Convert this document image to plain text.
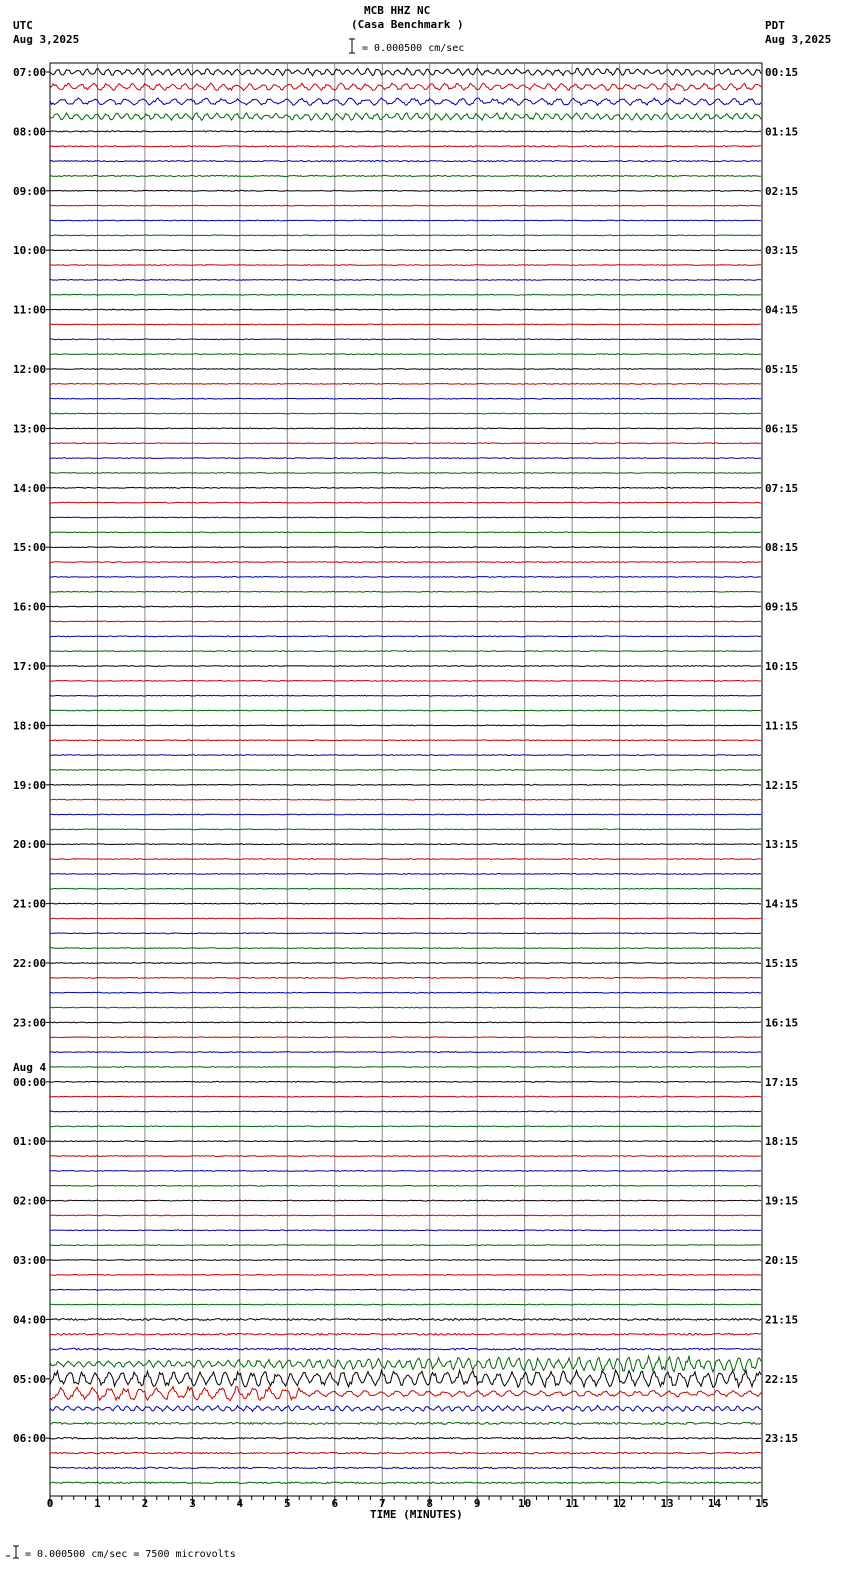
MCB HHZ NC
(Casa Benchmark )
= 0.000500 cm/sec
UTC
Aug 3,2025
PDT
Aug 3,2025
07:00	00:15
08:00	01:15
09:00	02:15
10:00	03:15
11:00	04:15
12:00	05:15
13:00	06:15
14:00	07:15
15:00	08:15
16:00	09:15
17:00	10:15
18:00	11:15
19:00	12:15
20:00	13:15
21:00	14:15
22:00	15:15
23:00	16:15
00:00	17:15
01:00	18:15
02:00	19:15
03:00	20:15
04:00	21:15
05:00	22:15
06:00	23:15
Aug 4
0	1	2	3	4	5	6	7	8	9	10	11	12	13	14	15
TIME (MINUTES)
= 0.000500 cm/sec = 7500 microvolts
